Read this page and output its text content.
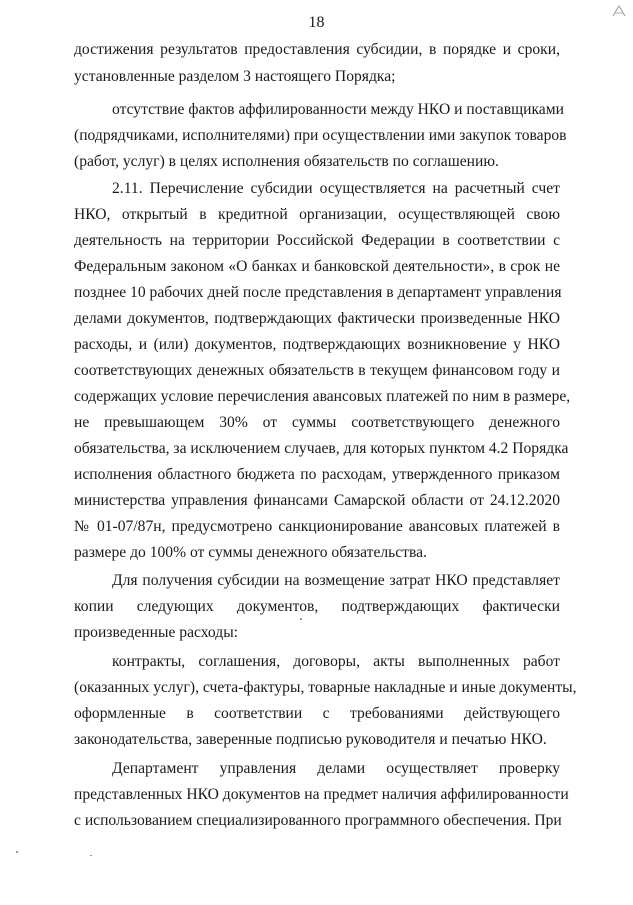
18
достижения результатов предоставления субсидии, в порядке и сроки,
установленные разделом 3 настоящего Порядка;
отсутствие фактов аффилированности между НКО и поставщиками
(подрядчиками, исполнителями) при осуществлении ими закупок товаров
(работ, услуг) в целях исполнения обязательств по соглашению.
2.11. Перечисление субсидии осуществляется на расчетный счет
НКО, открытый в кредитной организации, осуществляющей свою
деятельность на территории Российской Федерации в соответствии с
Федеральным законом «О банках и банковской деятельности», в срок не
позднее 10 рабочих дней после представления в департамент управления
делами документов, подтверждающих фактически произведенные НКО
расходы, и (или) документов, подтверждающих возникновение у НКО
соответствующих денежных обязательств в текущем финансовом году и
содержащих условие перечисления авансовых платежей по ним в размере,
не превышающем 30% от суммы соответствующего денежного
обязательства, за исключением случаев, для которых пунктом 4.2 Порядка
исполнения областного бюджета по расходам, утвержденного приказом
министерства управления финансами Самарской области от 24.12.2020
№ 01-07/87н, предусмотрено санкционирование авансовых платежей в
размере до 100% от суммы денежного обязательства.
Для получения субсидии на возмещение затрат НКО представляет
копии следующих документов, подтверждающих фактически
произведенные расходы:
контракты, соглашения, договоры, акты выполненных работ
(оказанных услуг), счета-фактуры, товарные накладные и иные документы,
оформленные в соответствии с требованиями действующего
законодательства, заверенные подписью руководителя и печатью НКО.
Департамент управления делами осуществляет проверку
представленных НКО документов на предмет наличия аффилированности
с использованием специализированного программного обеспечения. При
